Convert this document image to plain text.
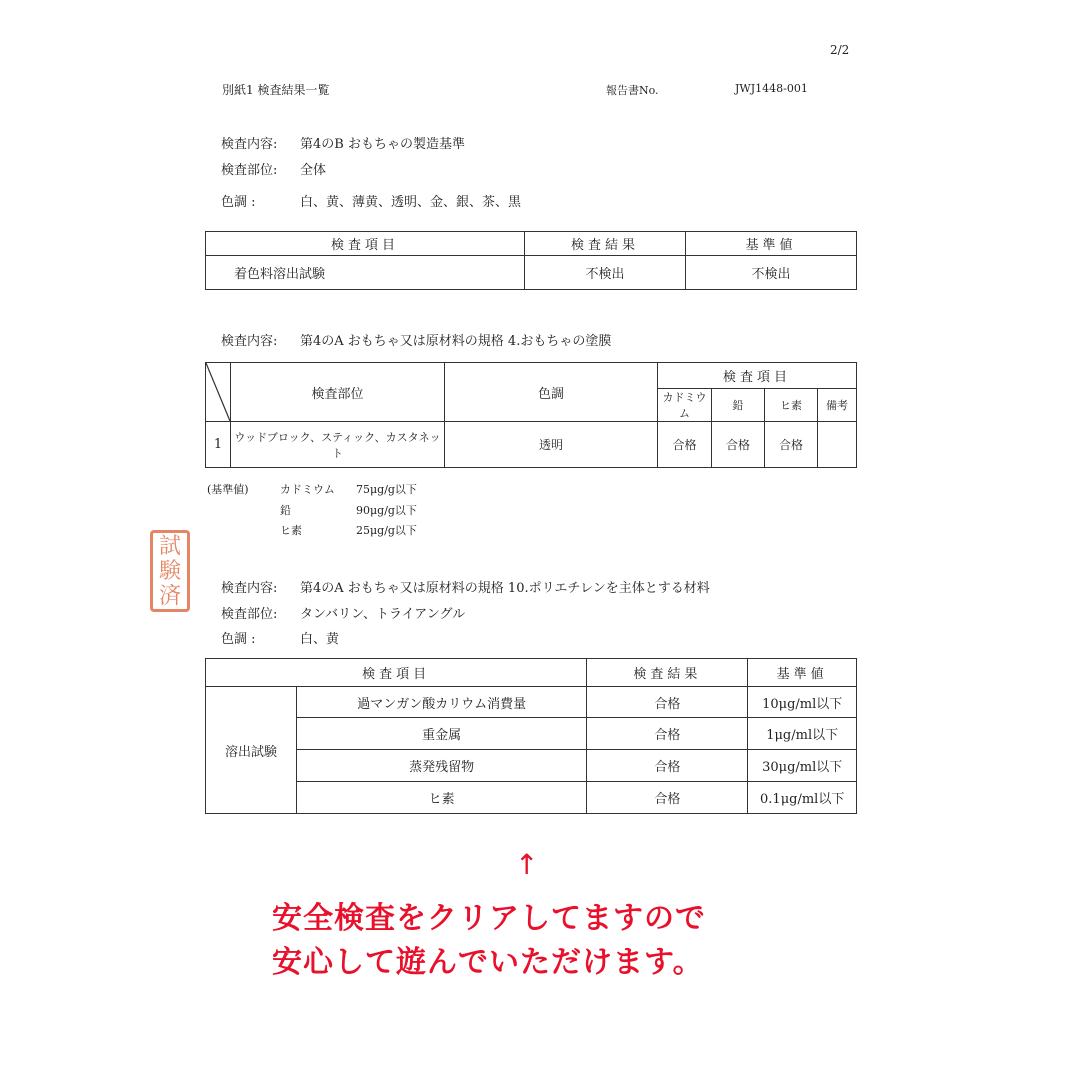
2/2
別紙1 検査結果一覧	報告書No.	JWJ1448-001
検査内容: 第4のB おもちゃの製造基準
検査部位: 全体
色調 :	白、黄、薄黄、透明、金、銀、茶、黒
検査項目	検査結果	基準値
着色料溶出試験	不検出	不検出
検査内容: 第4のA おもちゃ又は原材料の規格 4.おもちゃの塗膜
	検査部位	色調	検査項目			
			カドミウム	鉛	ヒ素	備考
1	ウッドブロック、スティック、カスタネット	透明	合格	合格	合格	
(基準値)	カドミウム 75μg/g以下
鉛	90μg/g以下
ヒ素	25μg/g以下
試
験
済	検査内容: 第4のA おもちゃ又は原材料の規格 10.ポリエチレンを主体とする材料
検査部位: タンバリン、トライアングル
色調 :	白、黄
検査項目		検査結果	基準値
溶出試験	過マンガン酸カリウム消費量	合格	10μg/ml以下
	重金属	合格	1μg/ml以下
	蒸発残留物	合格	30μg/ml以下
	ヒ素	合格	0.1μg/ml以下
↑
安全検査をクリアしてますので
安心して遊んでいただけます。
